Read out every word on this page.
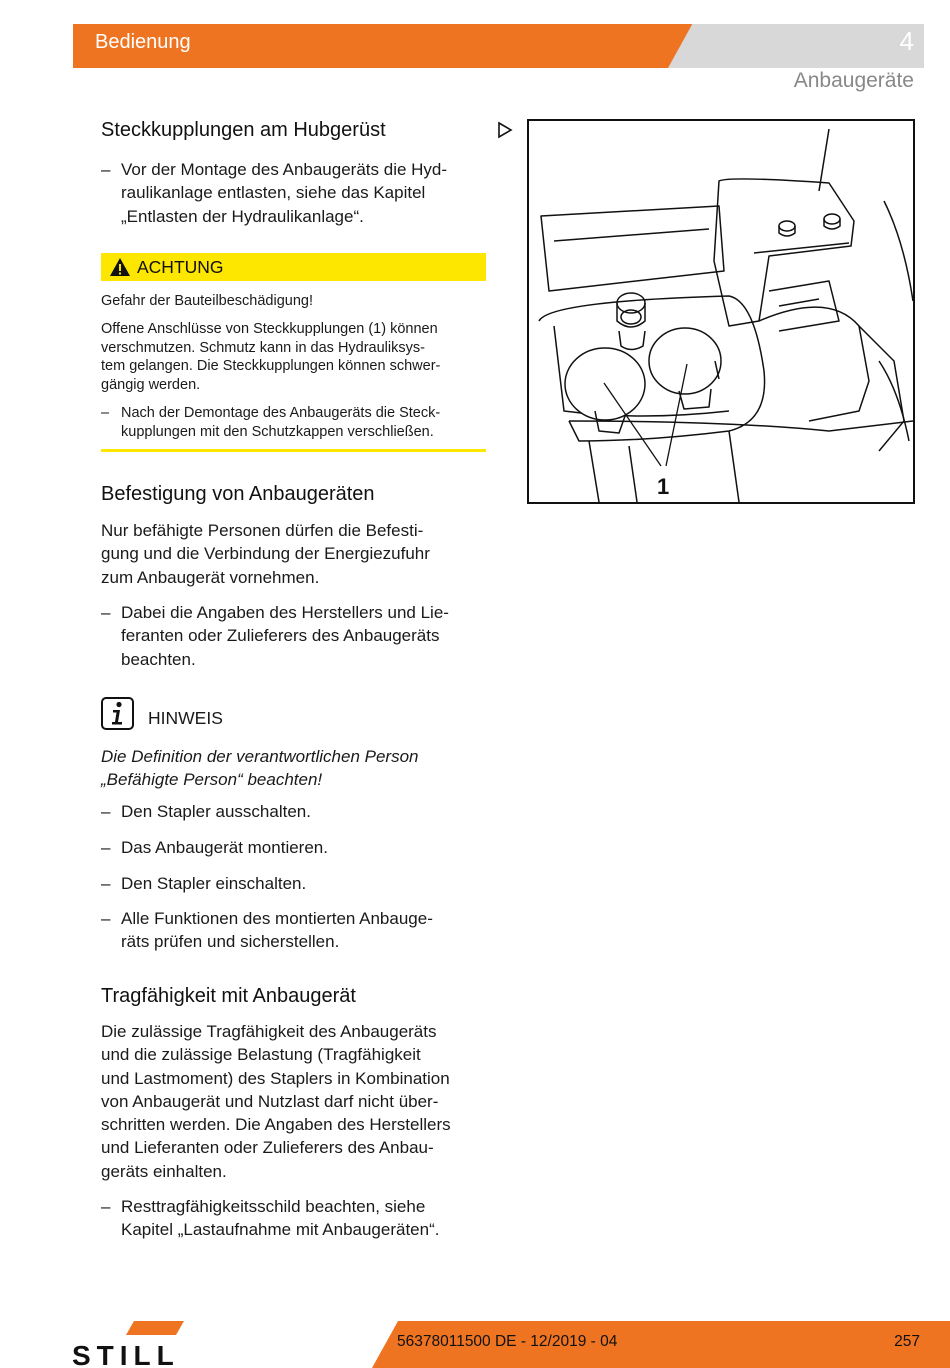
Bedienung	4
Anbaugeräte
Steckkupplungen am Hubgerüst
– Vor der Montage des Anbaugeräts die Hyd-
raulikanlage entlasten, siehe das Kapitel
„Entlasten der Hydraulikanlage“.
ACHTUNG

Gefahr der Bauteilbeschädigung!

Offene Anschlüsse von Steckkupplungen (1) können
verschmutzen. Schmutz kann in das Hydrauliksys-
tem gelangen. Die Steckkupplungen können schwer-
gängig werden.
– Nach der Demontage des Anbaugeräts die Steck-
kupplungen mit den Schutzkappen verschließen.
Befestigung von Anbaugeräten
Nur befähigte Personen dürfen die Befesti-
gung und die Verbindung der Energiezufuhr
zum Anbaugerät vornehmen.
– Dabei die Angaben des Herstellers und Lie-
feranten oder Zulieferers des Anbaugeräts
beachten.
HINWEIS
Die Definition der verantwortlichen Person
„Befähigte Person“ beachten!
– Den Stapler ausschalten.
– Das Anbaugerät montieren.
– Den Stapler einschalten.
– Alle Funktionen des montierten Anbauge-
räts prüfen und sicherstellen.
Tragfähigkeit mit Anbaugerät
Die zulässige Tragfähigkeit des Anbaugeräts
und die zulässige Belastung (Tragfähigkeit
und Lastmoment) des Staplers in Kombination
von Anbaugerät und Nutzlast darf nicht über-
schritten werden. Die Angaben des Herstellers
und Lieferanten oder Zulieferers des Anbau-
geräts einhalten.
– Resttragfähigkeitsschild beachten, siehe
Kapitel „Lastaufnahme mit Anbaugeräten“.
1
56378011500 DE - 12/2019 - 04	257
STILL
